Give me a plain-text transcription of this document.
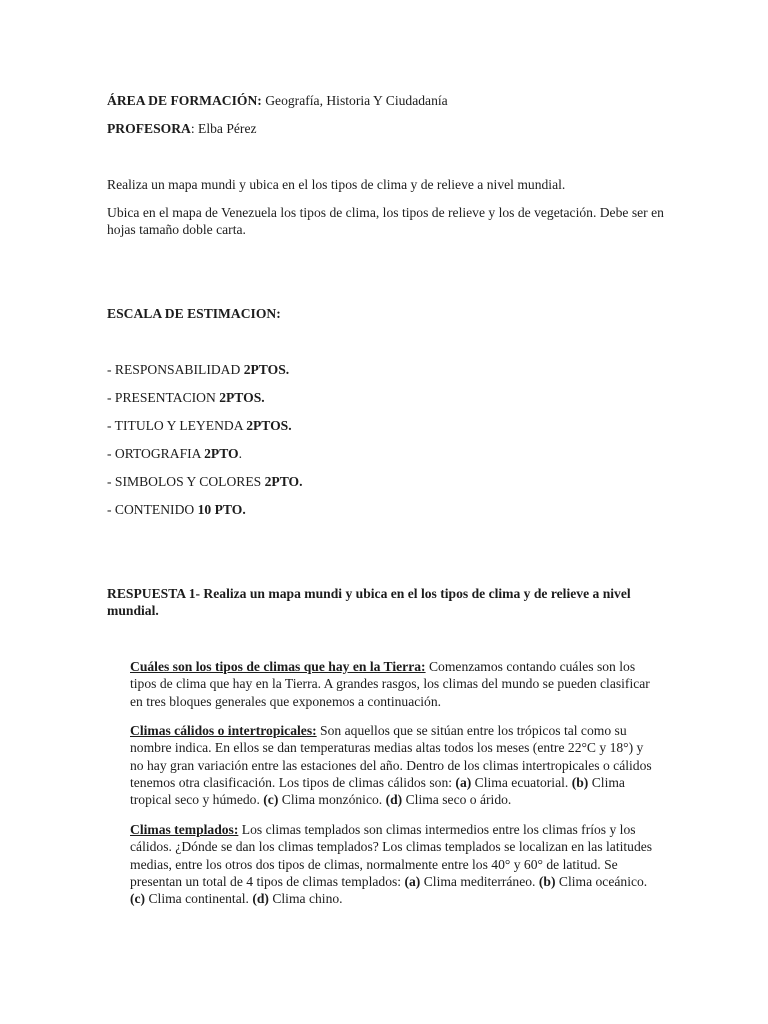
ÁREA DE FORMACIÓN: Geografía, Historia Y Ciudadanía
PROFESORA: Elba Pérez
Realiza un mapa mundi y ubica en el los tipos de clima y de relieve a nivel mundial.
Ubica en el mapa de Venezuela los tipos de clima, los tipos de relieve y los de vegetación. Debe ser en hojas tamaño doble carta.
ESCALA DE ESTIMACION:
- RESPONSABILIDAD 2PTOS.
- PRESENTACION 2PTOS.
- TITULO Y LEYENDA 2PTOS.
- ORTOGRAFIA 2PTO.
- SIMBOLOS Y COLORES 2PTO.
- CONTENIDO 10 PTO.
RESPUESTA 1- Realiza un mapa mundi y ubica en el los tipos de clima y de relieve a nivel mundial.
Cuáles son los tipos de climas que hay en la Tierra: Comenzamos contando cuáles son los tipos de clima que hay en la Tierra. A grandes rasgos, los climas del mundo se pueden clasificar en tres bloques generales que exponemos a continuación.
Climas cálidos o intertropicales: Son aquellos que se sitúan entre los trópicos tal como su nombre indica. En ellos se dan temperaturas medias altas todos los meses (entre 22°C y 18°) y no hay gran variación entre las estaciones del año. Dentro de los climas intertropicales o cálidos tenemos otra clasificación. Los tipos de climas cálidos son: (a) Clima ecuatorial. (b) Clima tropical seco y húmedo. (c) Clima monzónico. (d) Clima seco o árido.
Climas templados: Los climas templados son climas intermedios entre los climas fríos y los cálidos. ¿Dónde se dan los climas templados? Los climas templados se localizan en las latitudes medias, entre los otros dos tipos de climas, normalmente entre los 40° y 60° de latitud. Se presentan un total de 4 tipos de climas templados: (a) Clima mediterráneo. (b) Clima oceánico. (c) Clima continental. (d) Clima chino.
